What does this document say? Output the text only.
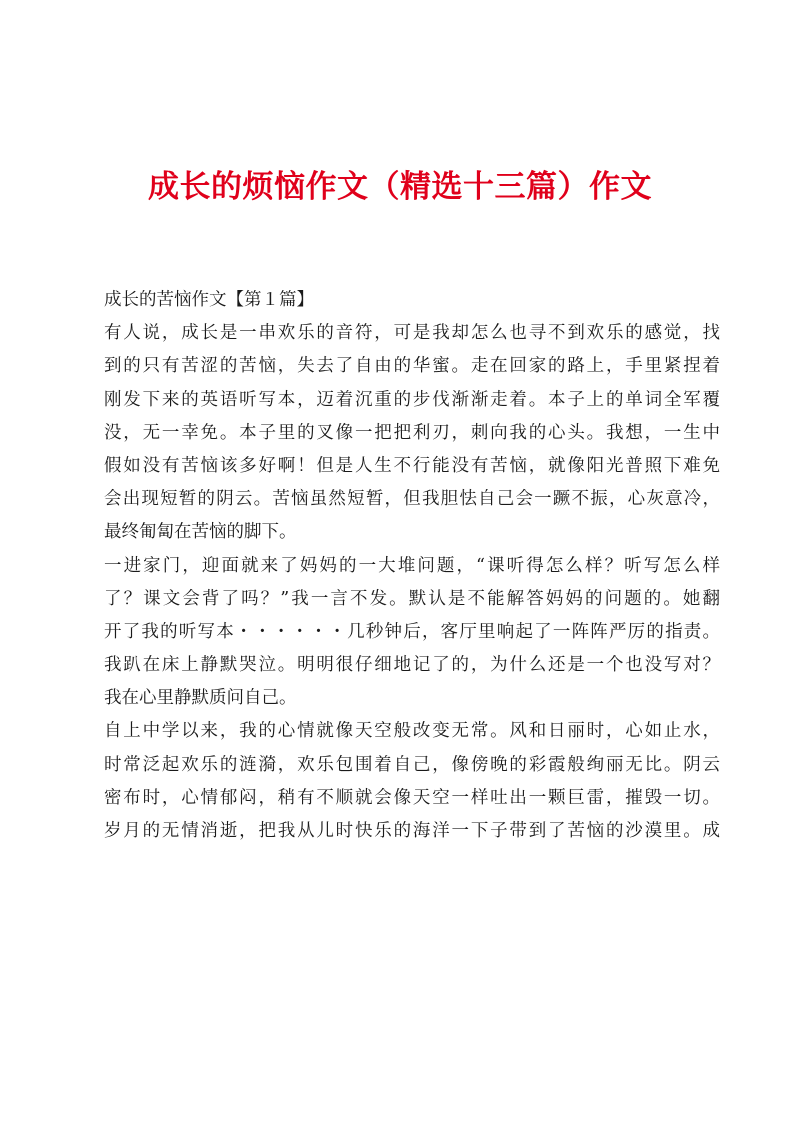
成长的烦恼作文（精选十三篇）作文
成长的苦恼作文【第１篇】
有人说，成长是一串欢乐的音符，可是我却怎么也寻不到欢乐的感觉，找
到的只有苦涩的苦恼，失去了自由的华蜜。走在回家的路上，手里紧捏着
刚发下来的英语听写本，迈着沉重的步伐渐渐走着。本子上的单词全军覆
没，无一幸免。本子里的叉像一把把利刃，刺向我的心头。我想，一生中
假如没有苦恼该多好啊！但是人生不行能没有苦恼，就像阳光普照下难免
会出现短暂的阴云。苦恼虽然短暂，但我胆怯自己会一蹶不振，心灰意冷，
最终匍匐在苦恼的脚下。
一进家门，迎面就来了妈妈的一大堆问题，“课听得怎么样？听写怎么样
了？课文会背了吗？”我一言不发。默认是不能解答妈妈的问题的。她翻
开了我的听写本・・・・・・几秒钟后，客厅里响起了一阵阵严厉的指责。
我趴在床上静默哭泣。明明很仔细地记了的，为什么还是一个也没写对？
我在心里静默质问自己。
自上中学以来，我的心情就像天空般改变无常。风和日丽时，心如止水，
时常泛起欢乐的涟漪，欢乐包围着自己，像傍晚的彩霞般绚丽无比。阴云
密布时，心情郁闷，稍有不顺就会像天空一样吐出一颗巨雷，摧毁一切。
岁月的无情消逝，把我从儿时快乐的海洋一下子带到了苦恼的沙漠里。成
